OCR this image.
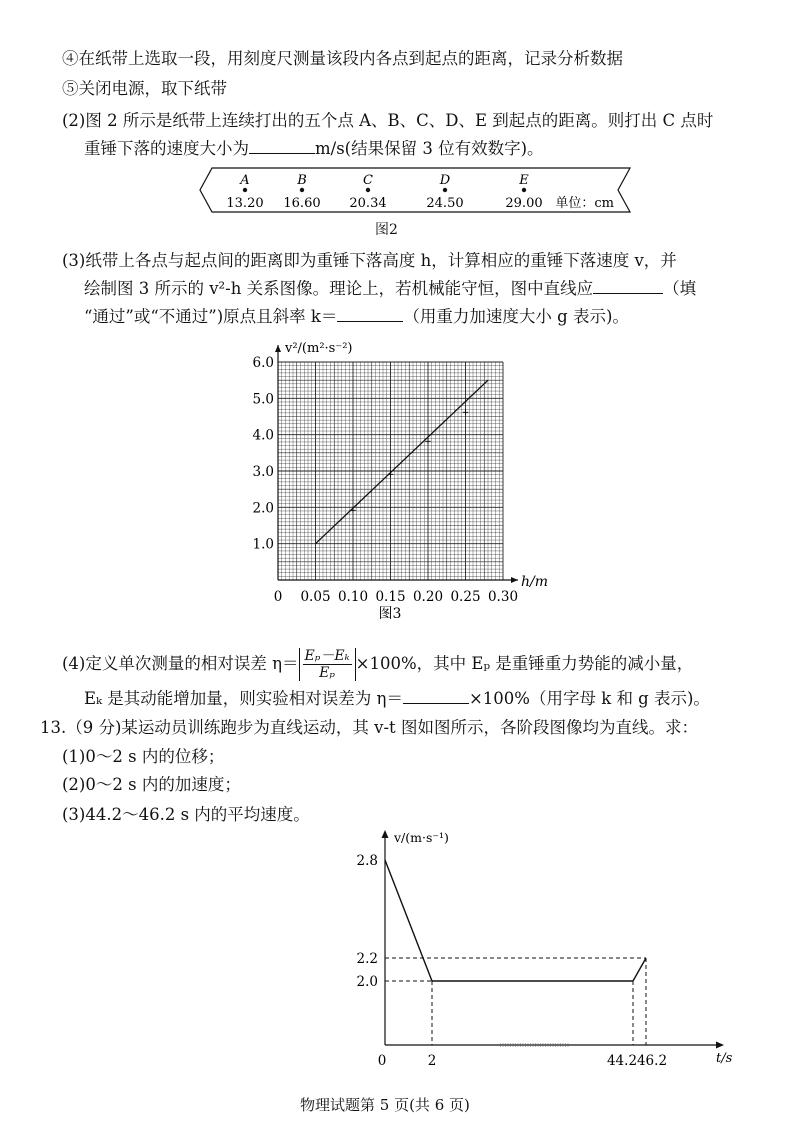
④在纸带上选取一段，用刻度尺测量该段内各点到起点的距离，记录分析数据
⑤关闭电源，取下纸带
(2)图 2 所示是纸带上连续打出的五个点 A、B、C、D、E 到起点的距离。则打出 C 点时
重锤下落的速度大小为	m/s(结果保留 3 位有效数字)。
A
13.20
B
16.60
C
20.34
D
24.50
E
29.00 单位：cm
图2
(3)纸带上各点与起点间的距离即为重锤下落高度 h，计算相应的重锤下落速度 v，并
绘制图 3 所示的 v²-h 关系图像。理论上，若机械能守恒，图中直线应	（填
“通过”或“不通过”)原点且斜率 k＝	（用重力加速度大小 g 表示)。
0 0.05 0.10 0.15 0.20 0.25 0.30
1.0
2.0
3.0
4.0
5.0
6.0
h/m
v²/(m²·s⁻²)
+
+
+
+
图3
(4)定义单次测量的相对误差 $\eta= \frac{\text{Eₚ－Eₖ}}{\text{Eₚ}} \times 100\%$，其中 Eₚ 是重锤重力势能的减小量，
Eₖ 是其动能增加量，则实验相对误差为 η＝	×100%（用字母 k 和 g 表示)。
13.（9 分)某运动员训练跑步为直线运动，其 v-t 图如图所示，各阶段图像均为直线。求：
(1)0～2 s 内的位移；
(2)0～2 s 内的加速度；
(3)44.2～46.2 s 内的平均速度。
v/(m·s⁻¹)
t/s
2.0
2.2
2.8
0	2	44.2 46.2
物理试题第 5 页(共 6 页)
